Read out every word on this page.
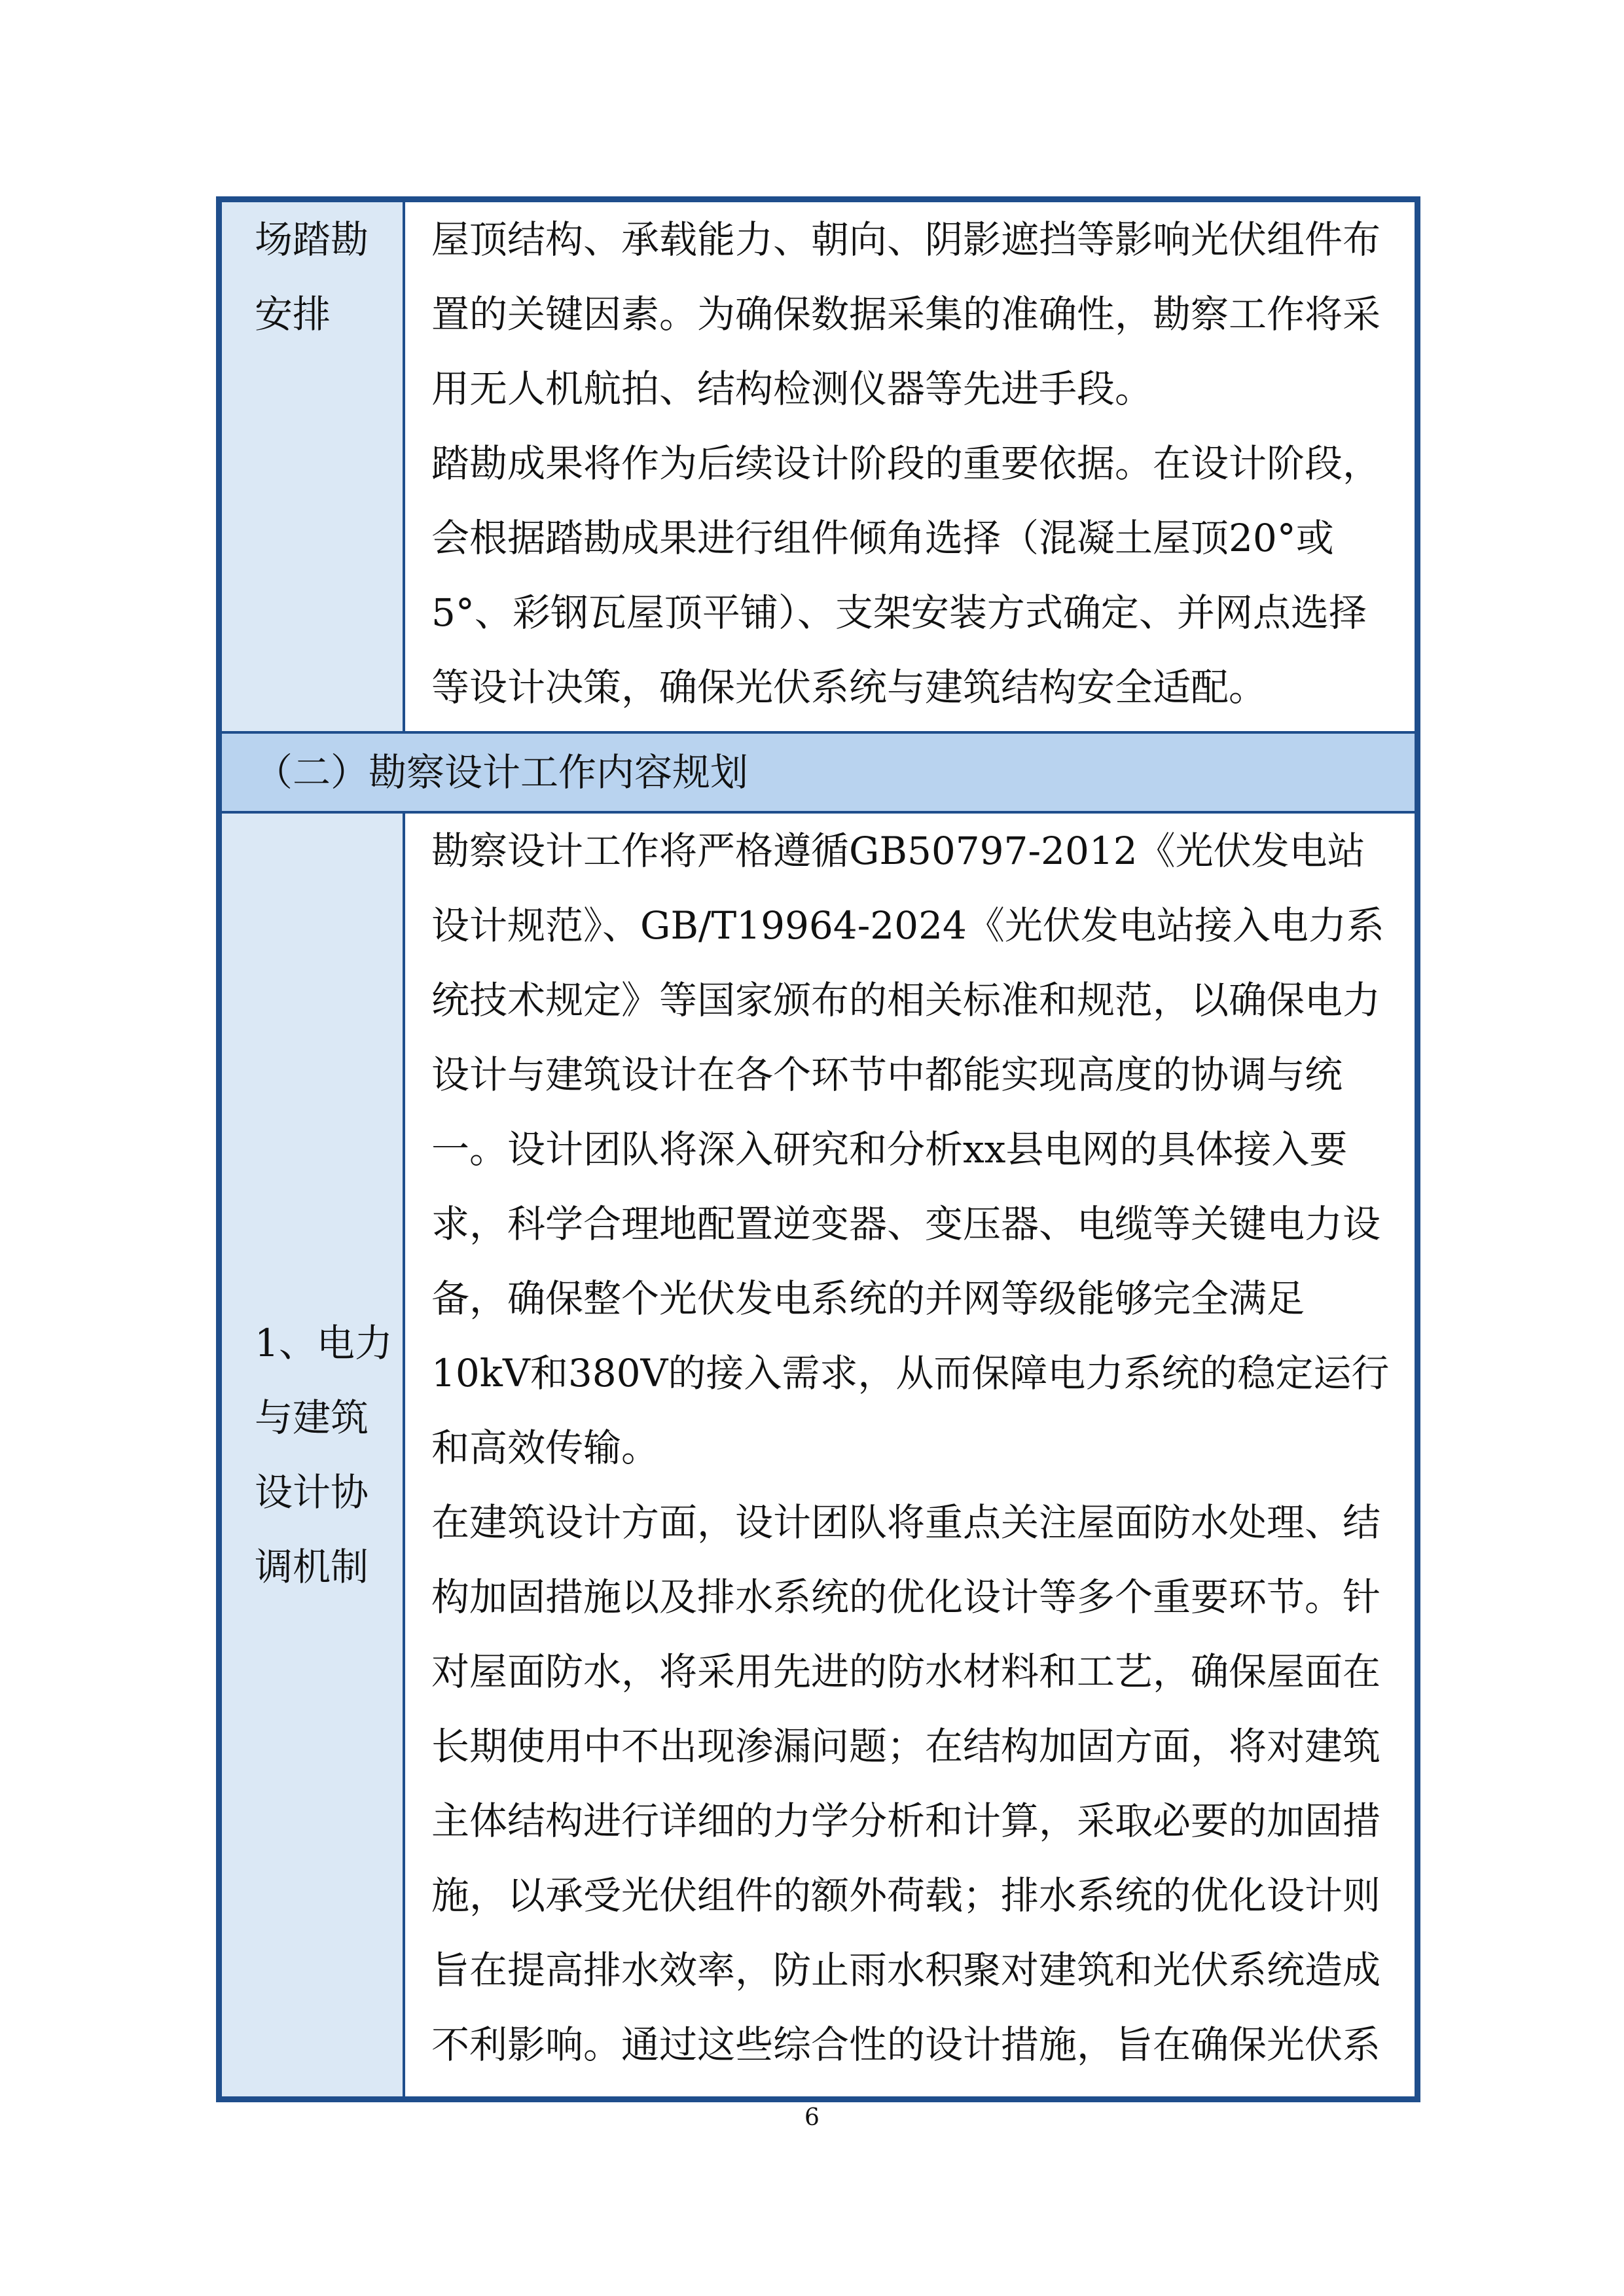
场踏勘安排

屋顶结构、承载能力、朝向、阴影遮挡等影响光伏组件布置的关键因素。为确保数据采集的准确性，勘察工作将采用无人机航拍、结构检测仪器等先进手段。

踏勘成果将作为后续设计阶段的重要依据。在设计阶段，会根据踏勘成果进行组件倾角选择（混凝土屋顶20°或5°、彩钢瓦屋顶平铺）、支架安装方式确定、并网点选择等设计决策，确保光伏系统与建筑结构安全适配。

（二）勘察设计工作内容规划
1、电力与建筑设计协调机制

勘察设计工作将严格遵循GB50797-2012《光伏发电站设计规范》、GB/T19964-2024《光伏发电站接入电力系统技术规定》等国家颁布的相关标准和规范，以确保电力设计与建筑设计在各个环节中都能实现高度的协调与统一。设计团队将深入研究和分析xx县电网的具体接入要求，科学合理地配置逆变器、变压器、电缆等关键电力设备，确保整个光伏发电系统的并网等级能够完全满足10kV和380V的接入需求，从而保障电力系统的稳定运行和高效传输。

在建筑设计方面，设计团队将重点关注屋面防水处理、结构加固措施以及排水系统的优化设计等多个重要环节。针对屋面防水，将采用先进的防水材料和工艺，确保屋面在长期使用中不出现渗漏问题；在结构加固方面，将对建筑主体结构进行详细的力学分析和计算，采取必要的加固措施，以承受光伏组件的额外荷载；排水系统的优化设计则旨在提高排水效率，防止雨水积聚对建筑和光伏系统造成不利影响。通过这些综合性的设计措施，旨在确保光伏系

6
